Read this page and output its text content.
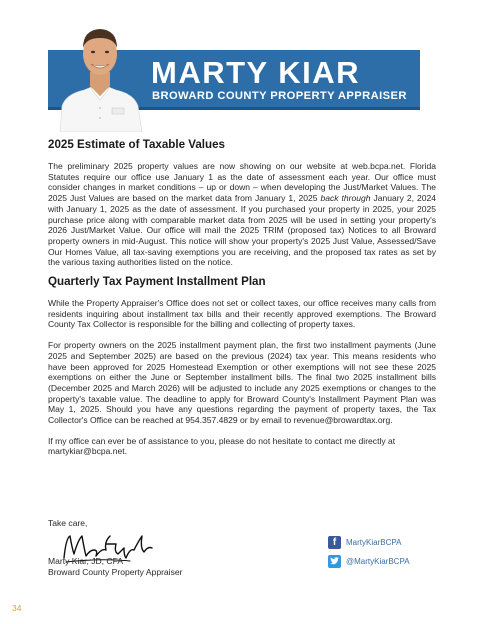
MARTY KIAR
BROWARD COUNTY PROPERTY APPRAISER
2025 Estimate of Taxable Values

The preliminary 2025 property values are now showing on our website at web.bcpa.net. Florida Statutes require our office use January 1 as the date of assessment each year. Our office must consider changes in market conditions – up or down – when developing the Just/Market Values. The 2025 Just Values are based on the market data from January 1, 2025 back through January 2, 2024 with January 1, 2025 as the date of assessment. If you purchased your property in 2025, your 2025 purchase price along with comparable market data from 2025 will be used in setting your property's 2026 Just/Market Value. Our office will mail the 2025 TRIM (proposed tax) Notices to all Broward property owners in mid-August. This notice will show your property's 2025 Just Value, Assessed/Save Our Homes Value, all tax-saving exemptions you are receiving, and the proposed tax rates as set by the various taxing authorities listed on the notice.

Quarterly Tax Payment Installment Plan

While the Property Appraiser's Office does not set or collect taxes, our office receives many calls from residents inquiring about installment tax bills and their recently approved exemptions. The Broward County Tax Collector is responsible for the billing and collecting of property taxes.

For property owners on the 2025 installment payment plan, the first two installment payments (June 2025 and September 2025) are based on the previous (2024) tax year. This means residents who have been approved for 2025 Homestead Exemption or other exemptions will not see these 2025 exemptions on either the June or September installment bills. The final two 2025 installment bills (December 2025 and March 2026) will be adjusted to include any 2025 exemptions or changes to the property's taxable value. The deadline to apply for Broward County's Installment Payment Plan was May 1, 2025. Should you have any questions regarding the payment of property taxes, the Tax Collector's Office can be reached at 954.357.4829 or by email to revenue@browardtax.org.

If my office can ever be of assistance to you, please do not hesitate to contact me directly at martykiar@bcpa.net.

Take care,
Marty Kiar, JD, CFA
Broward County Property Appraiser
f	MartyKiarBCPA
@MartyKiarBCPA
34
